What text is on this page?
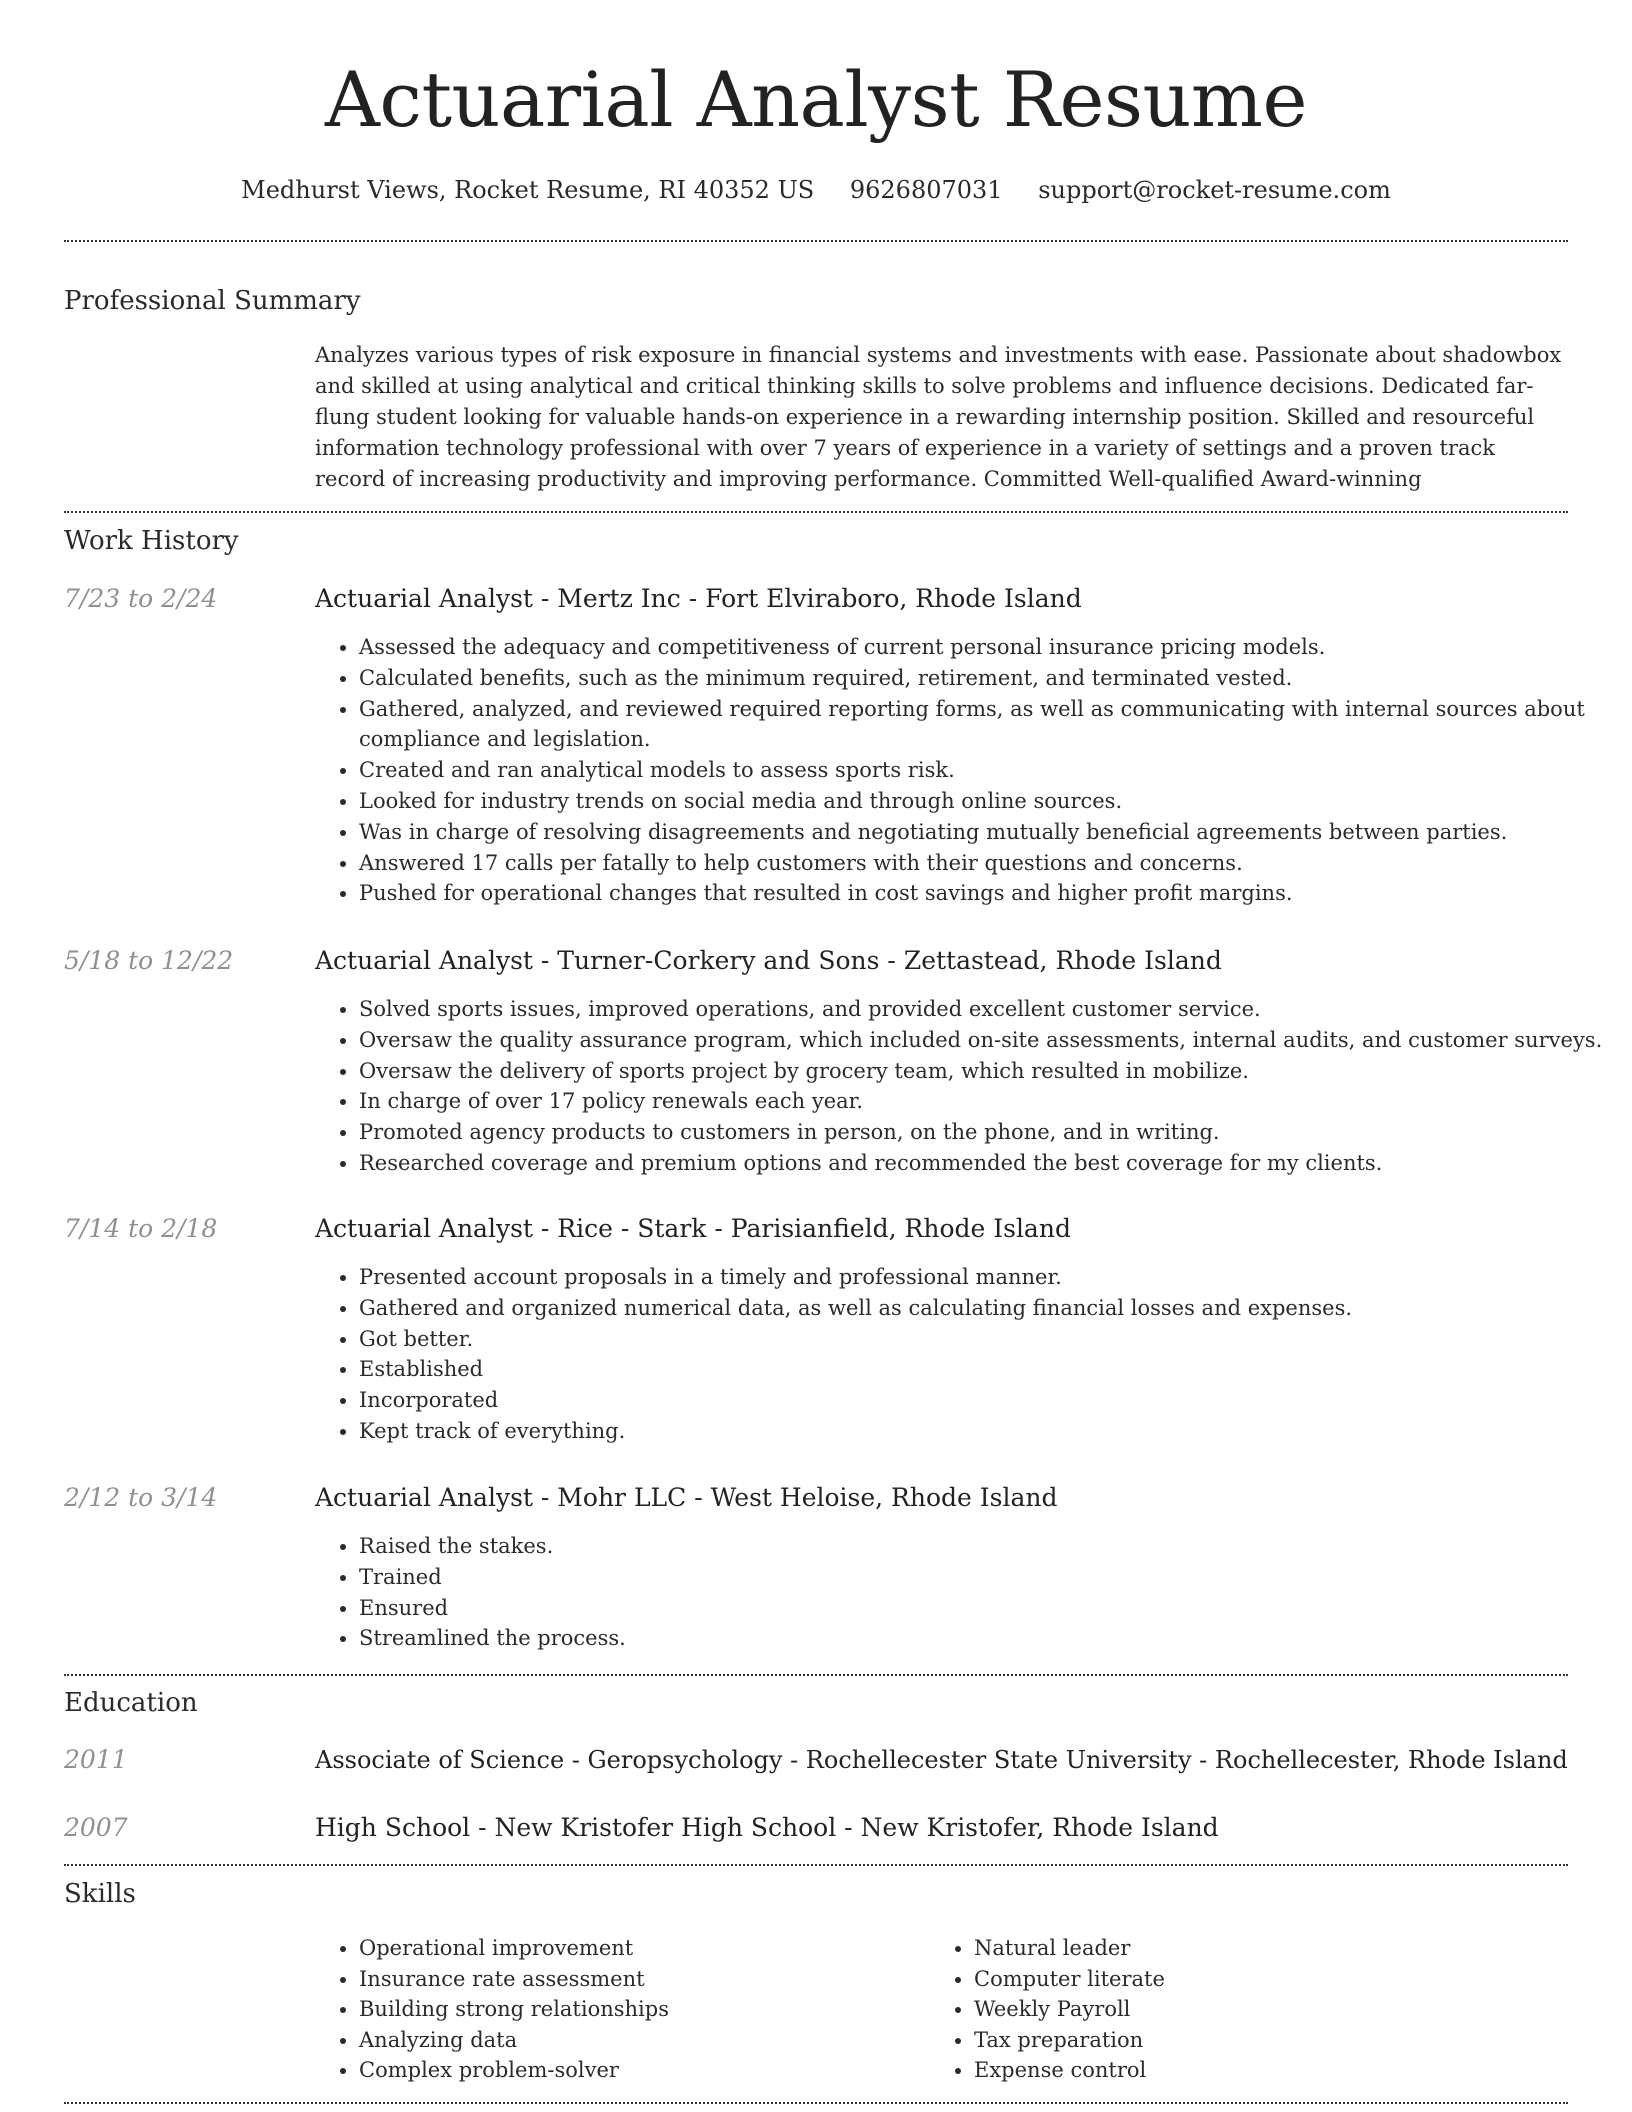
Actuarial Analyst Resume
Medhurst Views, Rocket Resume, RI 40352 US 9626807031 support@rocket-resume.com
Professional Summary

Analyzes various types of risk exposure in financial systems and investments with ease. Passionate about shadowbox and skilled at using analytical and critical thinking skills to solve problems and influence decisions. Dedicated far-flung student looking for valuable hands-on experience in a rewarding internship position. Skilled and resourceful information technology professional with over 7 years of experience in a variety of settings and a proven track record of increasing productivity and improving performance. Committed Well-qualified Award-winning

Work History
7/23 to 2/24	Actuarial Analyst - Mertz Inc - Fort Elviraboro, Rhode Island
• Assessed the adequacy and competitiveness of current personal insurance pricing models.
• Calculated benefits, such as the minimum required, retirement, and terminated vested.
• Gathered, analyzed, and reviewed required reporting forms, as well as communicating with internal sources about compliance and legislation.
• Created and ran analytical models to assess sports risk.
• Looked for industry trends on social media and through online sources.
• Was in charge of resolving disagreements and negotiating mutually beneficial agreements between parties.
• Answered 17 calls per fatally to help customers with their questions and concerns.
• Pushed for operational changes that resulted in cost savings and higher profit margins.
5/18 to 12/22	Actuarial Analyst - Turner-Corkery and Sons - Zettastead, Rhode Island
• Solved sports issues, improved operations, and provided excellent customer service.
• Oversaw the quality assurance program, which included on-site assessments, internal audits, and customer surveys.
• Oversaw the delivery of sports project by grocery team, which resulted in mobilize.
• In charge of over 17 policy renewals each year.
• Promoted agency products to customers in person, on the phone, and in writing.
• Researched coverage and premium options and recommended the best coverage for my clients.
7/14 to 2/18	Actuarial Analyst - Rice - Stark - Parisianfield, Rhode Island
• Presented account proposals in a timely and professional manner.
• Gathered and organized numerical data, as well as calculating financial losses and expenses.
• Got better.
• Established
• Incorporated
• Kept track of everything.
2/12 to 3/14	Actuarial Analyst - Mohr LLC - West Heloise, Rhode Island
• Raised the stakes.
• Trained
• Ensured
• Streamlined the process.
Education
2011	Associate of Science - Geropsychology - Rochellecester State University - Rochellecester, Rhode Island
2007	High School - New Kristofer High School - New Kristofer, Rhode Island
Skills
• Operational improvement
• Insurance rate assessment
• Building strong relationships
• Analyzing data
• Complex problem-solver
• Natural leader
• Computer literate
• Weekly Payroll
• Tax preparation
• Expense control
